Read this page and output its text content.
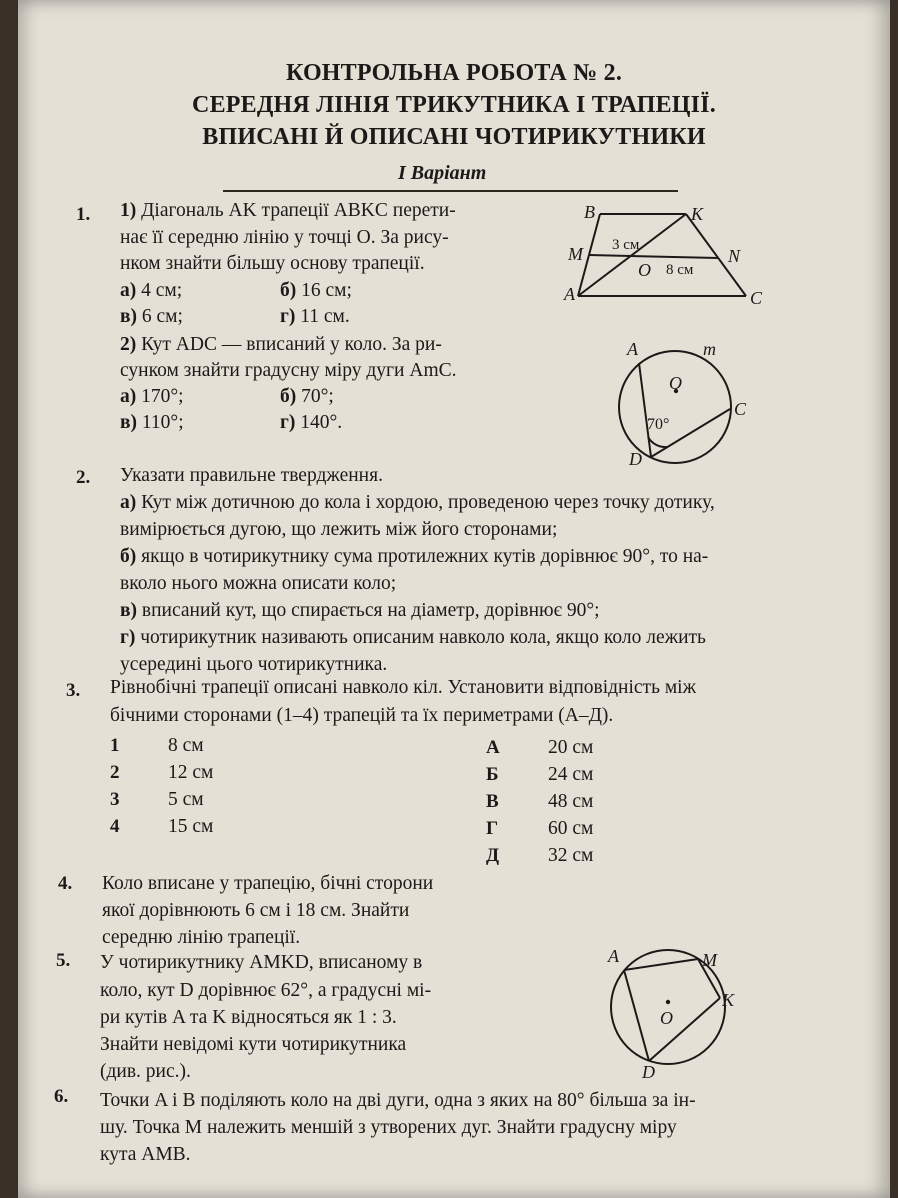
КОНТРОЛЬНА РОБОТА № 2.
СЕРЕДНЯ ЛІНІЯ ТРИКУТНИКА І ТРАПЕЦІЇ.
ВПИСАНІ Й ОПИСАНІ ЧОТИРИКУТНИКИ
І Варіант
1. 1) Діагональ AK трапеції ABKC перети-
нає її середню лінію у точці O. За рису-
нком знайти більшу основу трапеції.
а) 4 см;	б) 16 см;
в) 6 см;	г) 11 см.
2) Кут ADC — вписаний у коло. За ри-
сунком знайти градусну міру дуги AmC.
а) 170°;	б) 70°;
в) 110°;	г) 140°.
B	K
M	N
A	C
O
3 см
8 см
A	m
O
C
D
70°
2. Указати правильне твердження.
а) Кут між дотичною до кола і хордою, проведеною через точку дотику,
вимірюється дугою, що лежить між його сторонами;
б) якщо в чотирикутнику сума протилежних кутів дорівнює 90°, то на-
вколо нього можна описати коло;
в) вписаний кут, що спирається на діаметр, дорівнює 90°;
г) чотирикутник називають описаним навколо кола, якщо коло лежить
усередині цього чотирикутника.
3. Рівнобічні трапеції описані навколо кіл. Установити відповідність між
бічними сторонами (1–4) трапецій та їх периметрами (А–Д).
1 8 см
2 12 см
3 5 см
4 15 см
А 20 см
Б	24 см
В	48 см
Г	60 см
Д	32 см
4. Коло вписане у трапецію, бічні сторони
якої дорівнюють 6 см і 18 см. Знайти
середню лінію трапеції.
5. У чотирикутнику AMKD, вписаному в
коло, кут D дорівнює 62°, а градусні мі-
ри кутів A та K відносяться як 1 : 3.
Знайти невідомі кути чотирикутника
(див. рис.).
A	M
K
O
D
6. Точки A і B поділяють коло на дві дуги, одна з яких на 80° більша за ін-
шу. Точка M належить меншій з утворених дуг. Знайти градусну міру
кута AMB.
